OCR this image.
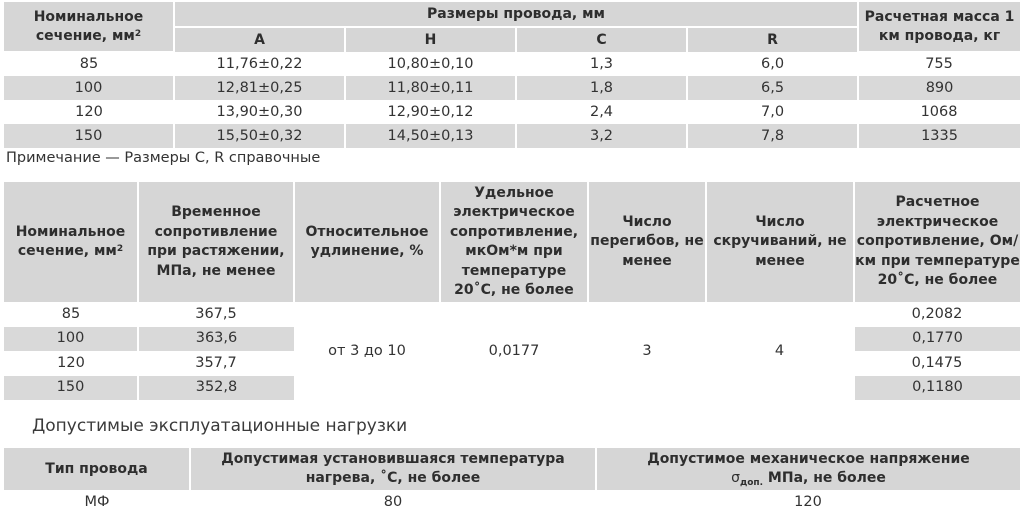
Номинальное сечение, $мм^2$	Размеры провода, мм				Расчетная масса 1 км провода, кг
	A	H	C	R	
85	11,76±0,22	10,80±0,10	1,3	6,0	755
100	12,81±0,25	11,80±0,11	1,8	6,5	890
120	13,90±0,30	12,90±0,12	2,4	7,0	1068
150	15,50±0,32	14,50±0,13	3,2	7,8	1335
Примечание — Размеры C, R справочные
Номинальное сечение, $мм^2$	Временное сопротивление при растяжении, МПа, не менее	Относительное удлинение, %	Удельное электрическое сопротивление, мкОм*м при температуре 20˚С, не более	Число перегибов, не менее	Число скручиваний, не менее	Расчетное электрическое сопротивление, Ом/км при температуре 20˚С, не более
85	367,5	от 3 до 10	0,0177	3	4	0,2082
100	363,6					0,1770
120	357,7					0,1475
150	352,8					0,1180
Допустимые эксплуатационные нагрузки
Тип провода	Допустимая установившаяся температура нагрева, ˚С, не более	Допустимое механическое напряжение
$\sigma_{доп.}$ МПа, не более
МФ	80	120
